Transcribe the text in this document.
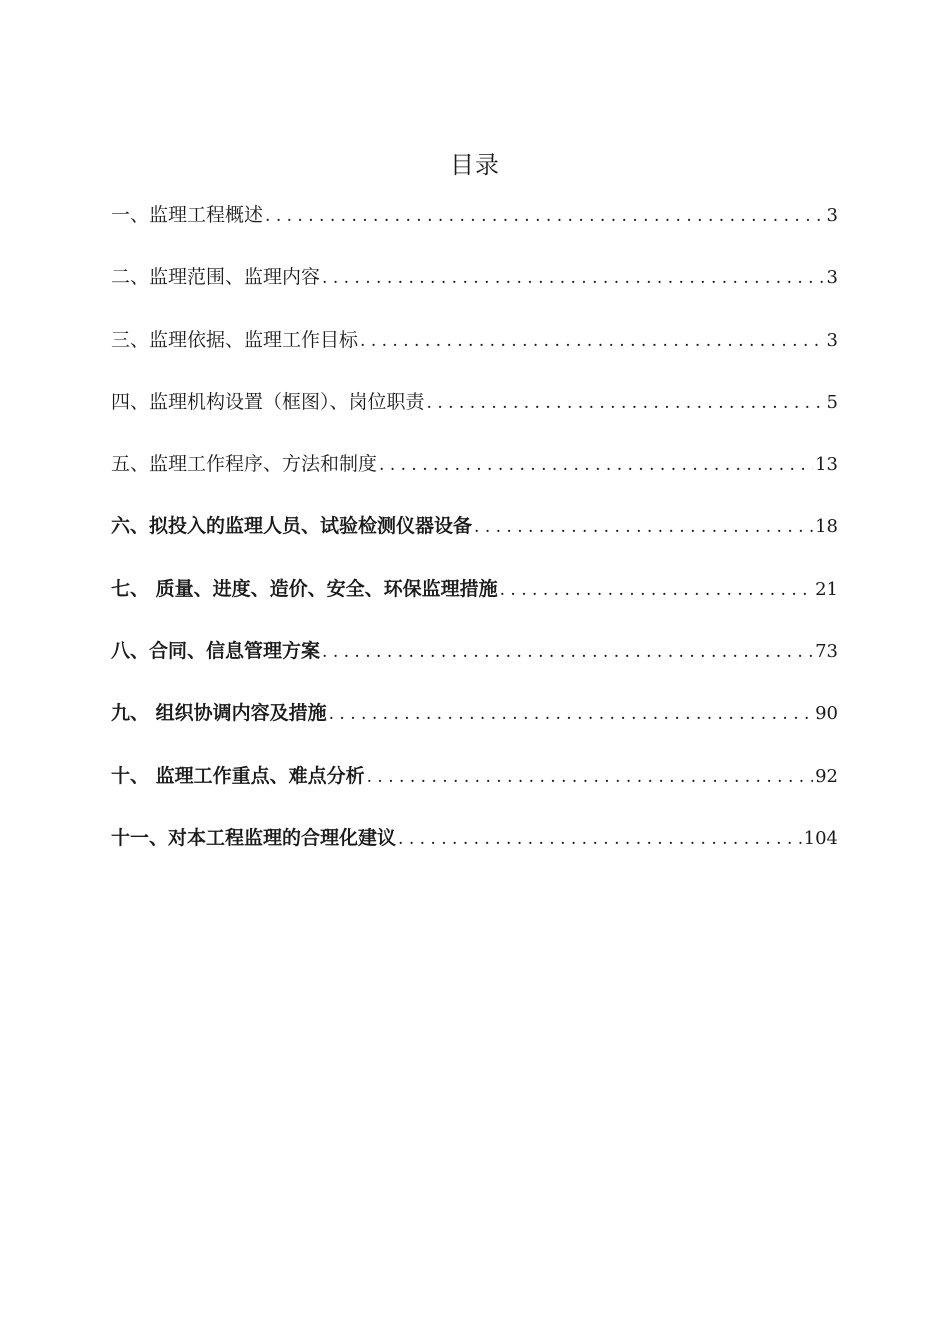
目录
一、监理工程概述 .....	3
二、监理范围、监理内容 .....	3
三、监理依据、监理工作目标 .....	3
四、监理机构设置（框图）、岗位职责 .....	5
五、监理工作程序、方法和制度 .....	13
六、拟投入的监理人员、试验检测仪器设备 .....	18
七、 质量、进度、造价、安全、环保监理措施 .....	21
八、合同、信息管理方案 .....	73
九、 组织协调内容及措施 .....	90
十、 监理工作重点、难点分析 .....	92
十一、对本工程监理的合理化建议 .....	104
